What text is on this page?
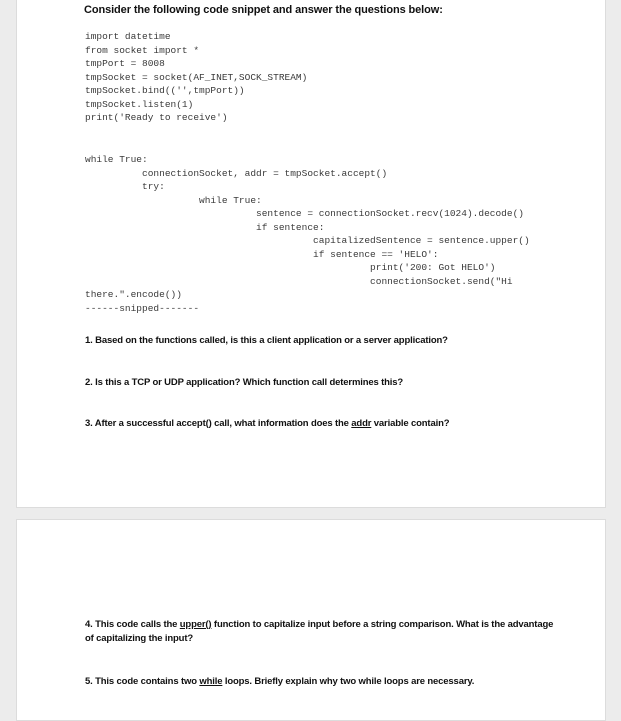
Consider the following code snippet and answer the questions below:
import datetime
from socket import *
tmpPort = 8008
tmpSocket = socket(AF_INET,SOCK_STREAM)
tmpSocket.bind(('',tmpPort))
tmpSocket.listen(1)
print('Ready to receive')
while True:
connectionSocket, addr = tmpSocket.accept()
try:
while True:
sentence = connectionSocket.recv(1024).decode()
if sentence:
capitalizedSentence = sentence.upper()
if sentence == 'HELO':
print('200: Got HELO')
connectionSocket.send("Hi
there.".encode())
------snipped-------
1. Based on the functions called, is this a client application or a server application?
2. Is this a TCP or UDP application? Which function call determines this?
3. After a successful accept() call, what information does the addr variable contain?
4. This code calls the upper() function to capitalize input before a string comparison. What is the advantage of capitalizing the input?
5. This code contains two while loops. Briefly explain why two while loops are necessary.
